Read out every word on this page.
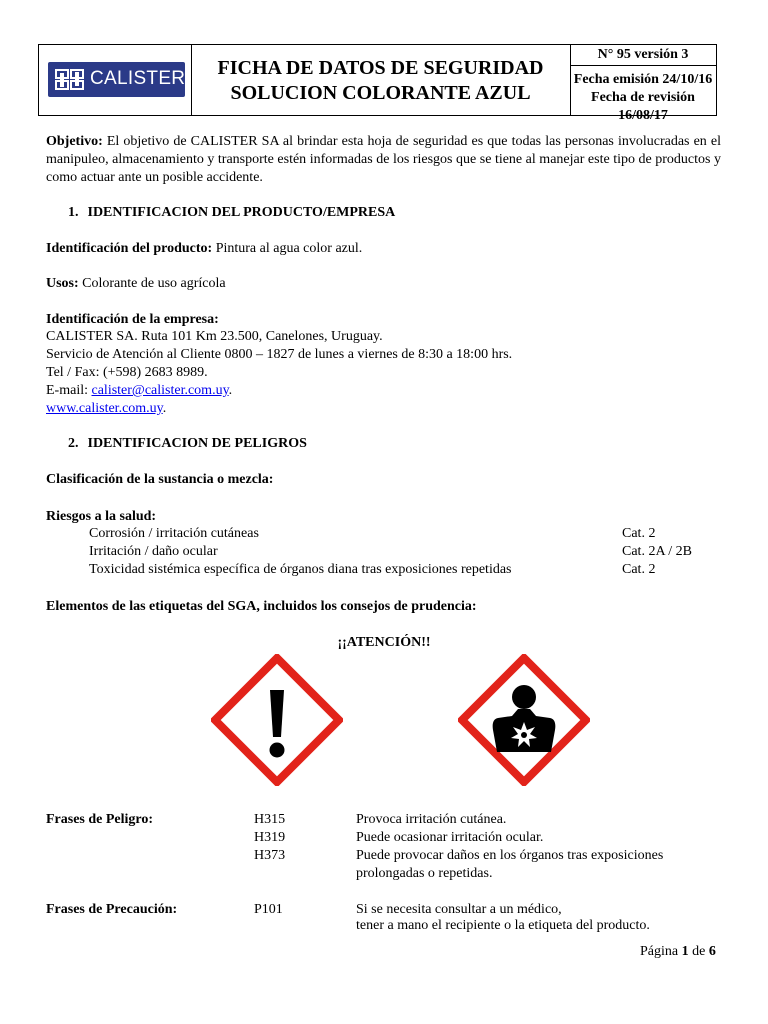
CALISTER	FICHA DE DATOS DE SEGURIDAD
SOLUCION COLORANTE AZUL
N° 95 versión 3
Fecha emisión 24/10/16
Fecha de revisión 16/08/17
Objetivo: El objetivo de CALISTER SA al brindar esta hoja de seguridad es que todas las personas involucradas en el manipuleo, almacenamiento y transporte estén informadas de los riesgos que se tiene al manejar este tipo de productos y como actuar ante un posible accidente.
1. IDENTIFICACION DEL PRODUCTO/EMPRESA
Identificación del producto: Pintura al agua color azul.
Usos: Colorante de uso agrícola
Identificación de la empresa:
CALISTER SA. Ruta 101 Km 23.500, Canelones, Uruguay.
Servicio de Atención al Cliente 0800 – 1827 de lunes a viernes de 8:30 a 18:00 hrs.
Tel / Fax: (+598) 2683 8989.
E-mail: calister@calister.com.uy.
www.calister.com.uy.
2. IDENTIFICACION DE PELIGROS
Clasificación de la sustancia o mezcla:
Riesgos a la salud:
Corrosión / irritación cutáneas	Cat. 2
Irritación / daño ocular	Cat. 2A / 2B
Toxicidad sistémica específica de órganos diana tras exposiciones repetidas	Cat. 2
Elementos de las etiquetas del SGA, incluidos los consejos de prudencia:
¡¡ATENCIÓN!!
Frases de Peligro:	H315	Provoca irritación cutánea.
H319	Puede ocasionar irritación ocular.
H373	Puede provocar daños en los órganos tras exposiciones
prolongadas o repetidas.
Frases de Precaución:	P101	Si se necesita consultar a un médico,
tener a mano el recipiente o la etiqueta del producto.
Página 1 de 6
